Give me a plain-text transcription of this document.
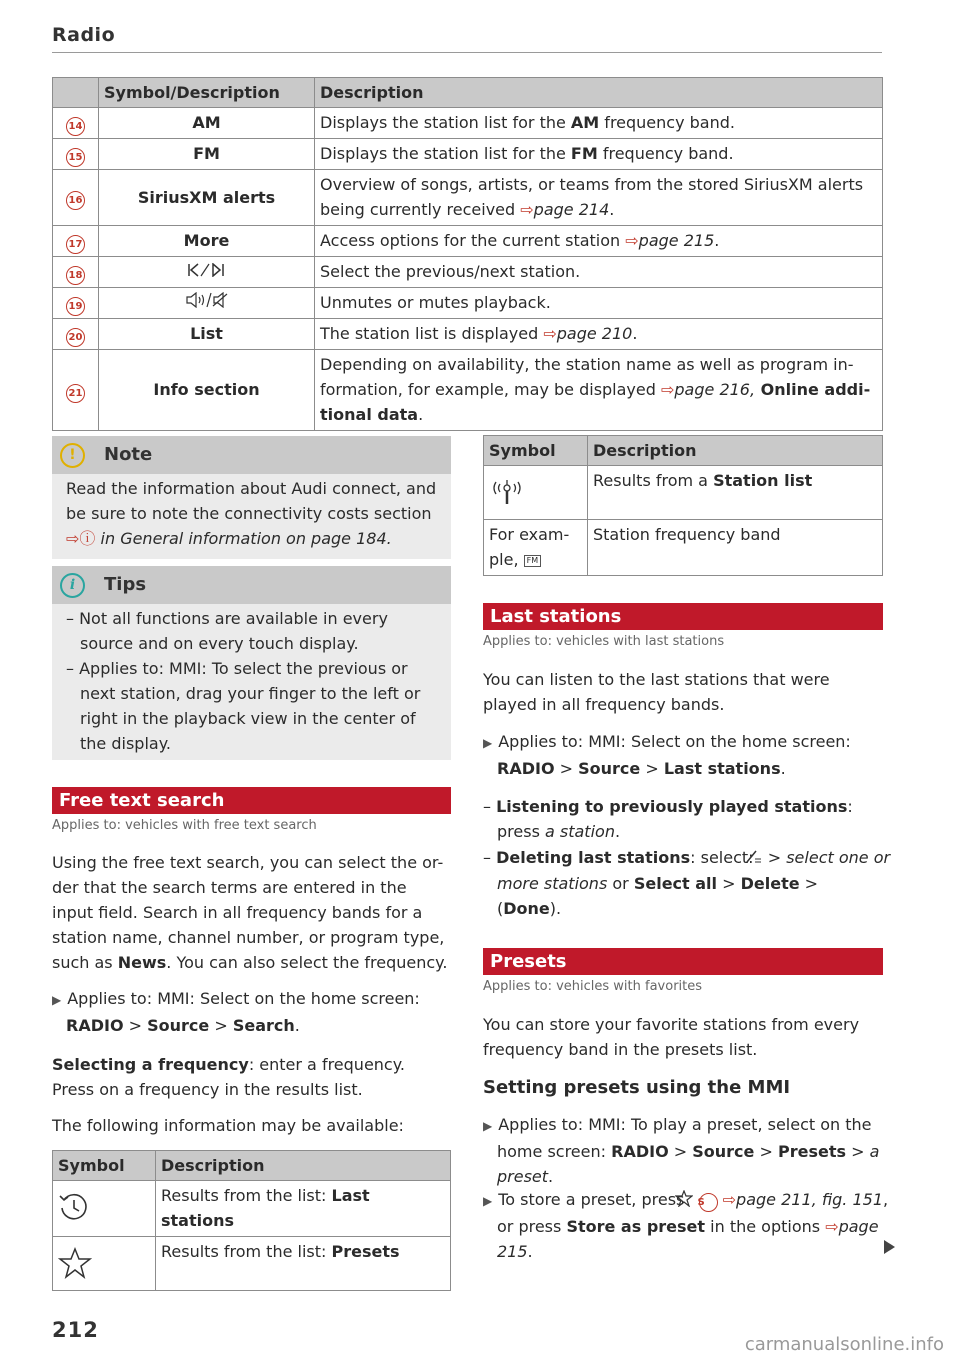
Radio
	Symbol/Description	Description
14	AM	Displays the station list for the AM frequency band.
15	FM	Displays the station list for the FM frequency band.
16	SiriusXM alerts	Overview of songs, artists, or teams from the stored SiriusXM alerts being currently received ⇨page 214.
17	More	Access options for the current station ⇨page 215.
18		Select the previous/next station.
19		Unmutes or mutes playback.
20	List	The station list is displayed ⇨page 210.
21	Info section	Depending on availability, the station name as well as program in-formation, for example, may be displayed ⇨page 216, Online addi-tional data.
!	Note
Read the information about Audi connect, and be sure to note the connectivity costs section ⇨ⓘ in General information on page 184.
i	Tips
– Not all functions are available in every source and on every touch display.
– Applies to: MMI: To select the previous or next station, drag your finger to the left or right in the playback view in the center of the display.
Free text search
Applies to: vehicles with free text search
Using the free text search, you can select the or-der that the search terms are entered in the input field. Search in all frequency bands for a station name, channel number, or program type, such as News. You can also select the frequency.
▶ Applies to: MMI: Select on the home screen:
RADIO > Source > Search.
Selecting a frequency: enter a frequency. Press on a frequency in the results list.
The following information may be available:
Symbol	Description
	Results from the list: Last stations
	Results from the list: Presets
Symbol	Description
	Results from a Station list
For exam-ple, FM	Station frequency band
Last stations
Applies to: vehicles with last stations
You can listen to the last stations that were played in all frequency bands.
▶ Applies to: MMI: Select on the home screen:
RADIO > Source > Last stations.
– Listening to previously played stations: press a station.
– Deleting last stations: select:  > select one or more stations or Select all > Delete >
(Done).
Presets
Applies to: vehicles with favorites
You can store your favorite stations from every frequency band in the presets list.
Setting presets using the MMI
▶ Applies to: MMI: To play a preset, select on the home screen: RADIO > Source > Presets > a preset.
▶ To store a preset, press S ⇨page 211, fig. 151, or press Store as preset in the options ⇨page 215.
212
carmanualsonline.info
